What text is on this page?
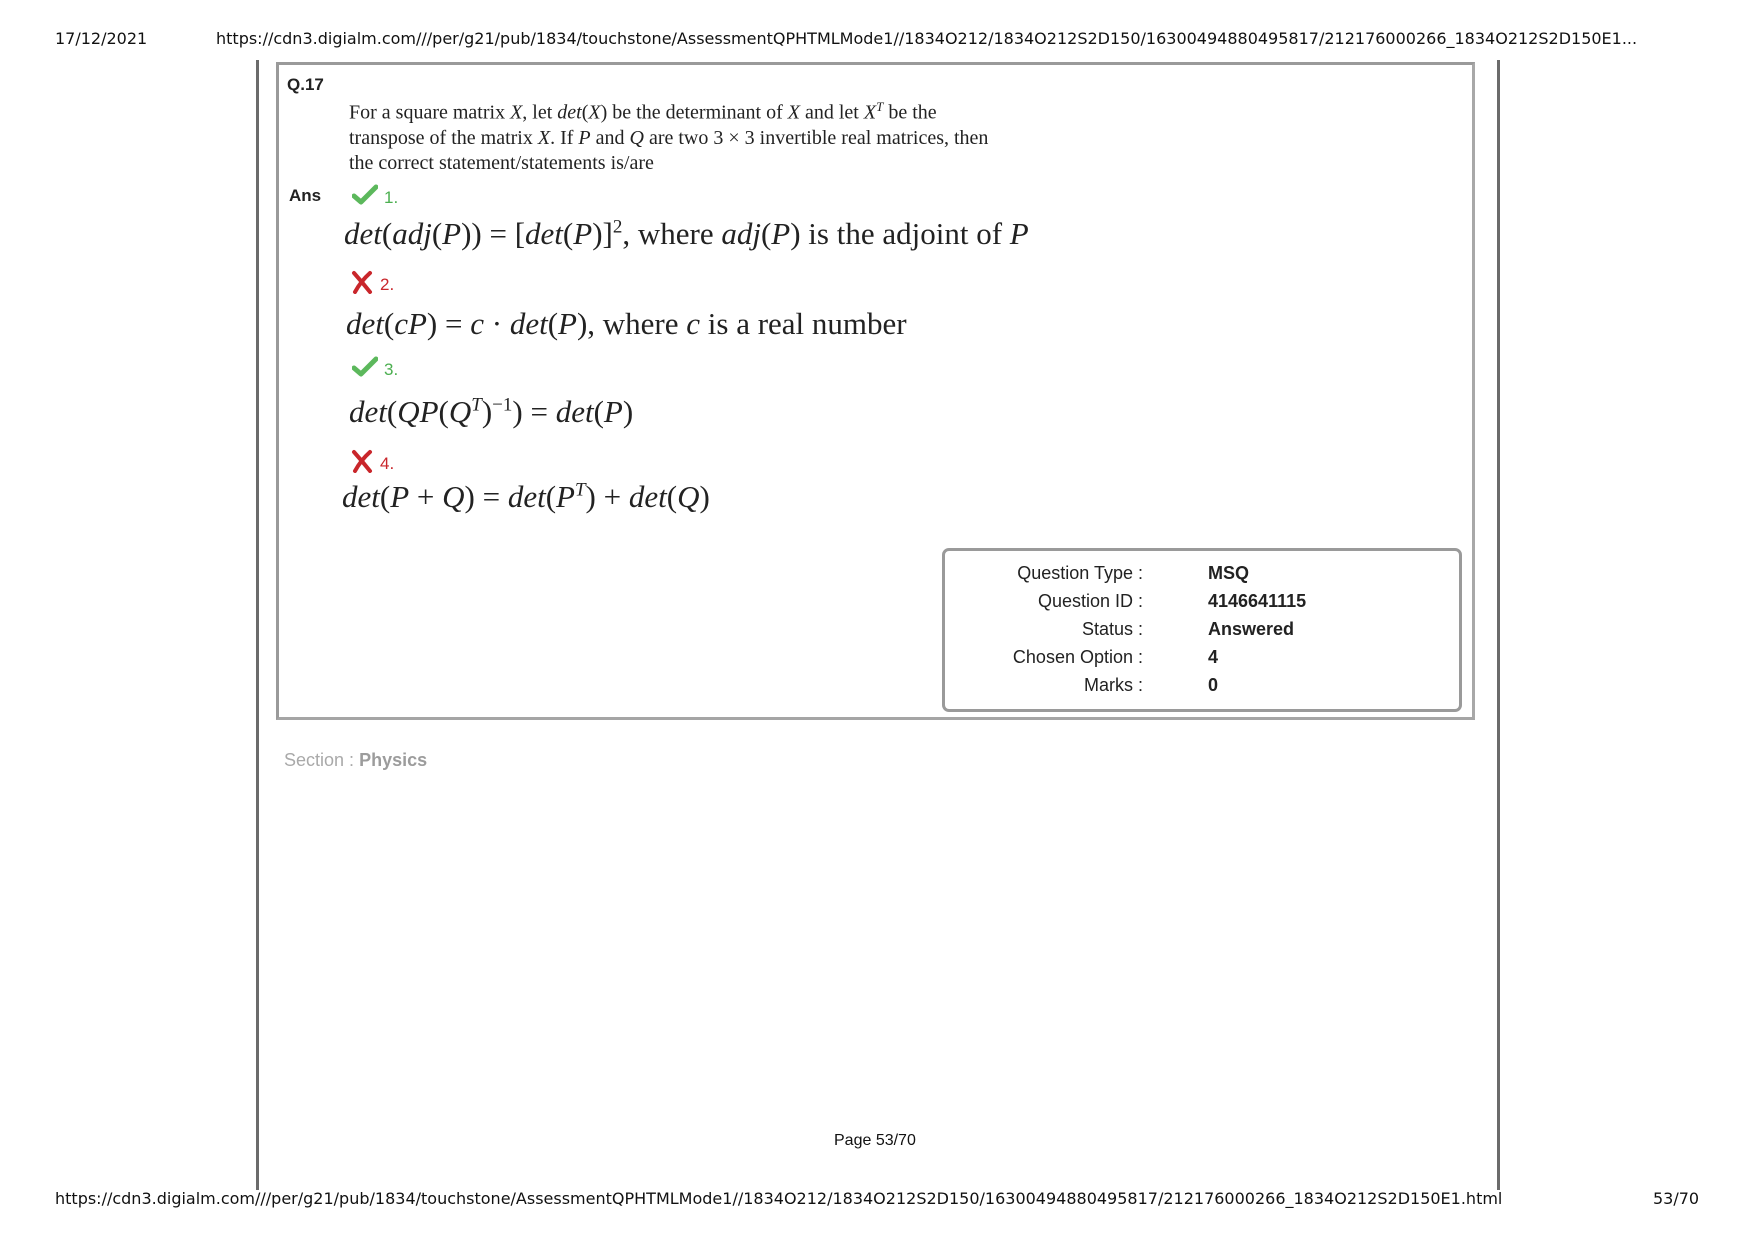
17/12/2021	https://cdn3.digialm.com///per/g21/pub/1834/touchstone/AssessmentQPHTMLMode1//1834O212/1834O212S2D150/16300494880495817/212176000266_1834O212S2D150E1...
Q.17
For a square matrix X, let det(X) be the determinant of X and let $X^T$ be the
transpose of the matrix X. If P and Q are two 3 × 3 invertible real matrices, then
the correct statement/statements is/are
Ans	1.
$\det(adj(P)) = [\det(P)]^2$, where adj(P) is the adjoint of P
2.
det(cP) = c · det(P), where c is a real number
3.
$\det(QP(Q^T)^{-1}) = \det(P)$
4.
$\det(P + Q) = \det(P^T) + \det(Q)$
Question Type :	MSQ
Question ID :	4146641115
Status :	Answered
Chosen Option :	4
Marks :	0
Section : Physics
Page 53/70
https://cdn3.digialm.com///per/g21/pub/1834/touchstone/AssessmentQPHTMLMode1//1834O212/1834O212S2D150/16300494880495817/212176000266_1834O212S2D150E1.html	53/70
